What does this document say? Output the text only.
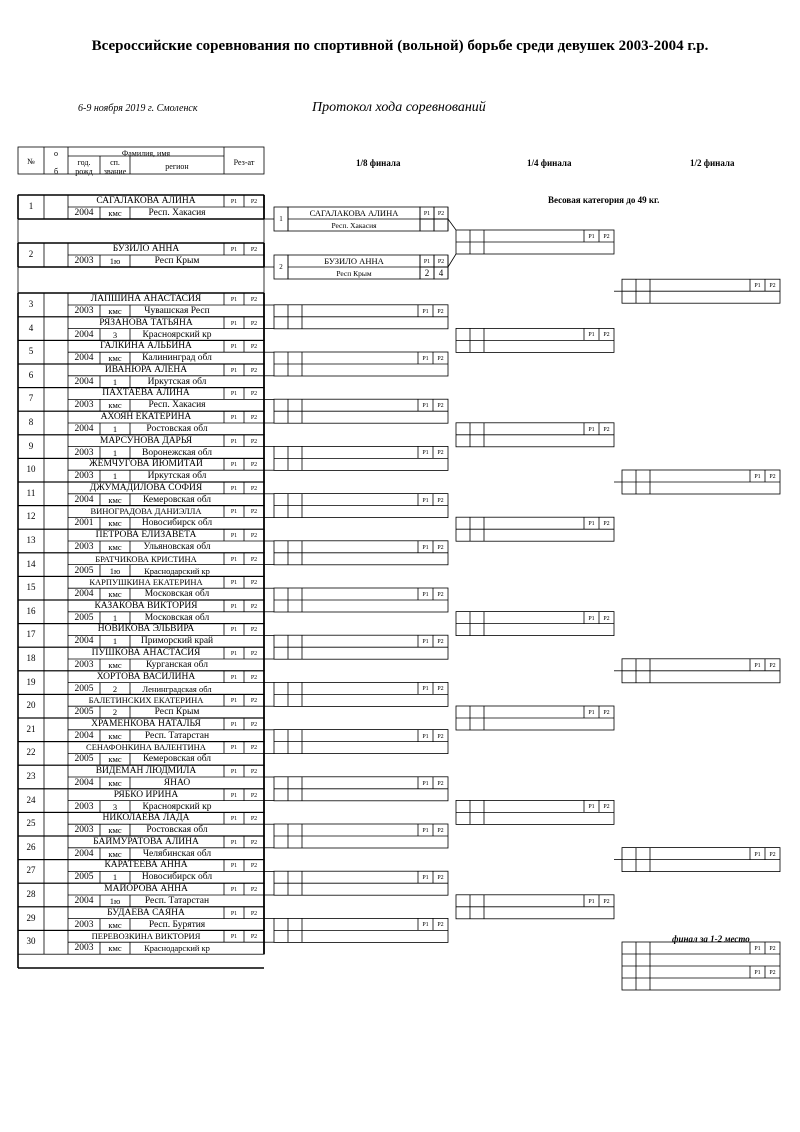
Всероссийские соревнования по спортивной (вольной) борьбе среди девушек 2003-2004 г.р.
6-9 ноября 2019 г. Смоленск	Протокол хода соревнований
№
о
б
Фамилия, имя
год. рожд
сп. звание
регион	Рез-ат	1/8 финала	1/4 финала	1/2 финала
Весовая категория до 49 кг.
финал за 1-2 место
1	САГАЛАКОВА АЛИНА
2004	кмс	Респ. Хакасия
Р1	Р2
2	БУЗИЛО АННА
2003	1ю	Респ Крым
Р1	Р2
3	ЛАПШИНА АНАСТАСИЯ
2003	кмс	Чувашская Респ
Р1	Р2
4	РЯЗАНОВА ТАТЬЯНА
2004	3	Красноярский кр
Р1	Р2
5	ГАЛКИНА АЛЬБИНА
2004	кмс	Калининград обл
Р1	Р2
6	ИВАНЮРА АЛЕНА
2004	1	Иркутская обл
Р1	Р2
7	ПАХТАЕВА АЛИНА
2003	кмс	Респ. Хакасия
Р1	Р2
8	АХОЯН ЕКАТЕРИНА
2004	1	Ростовская обл
Р1	Р2
9	МАРСУНОВА ДАРЬЯ
2003	1	Воронежская обл
Р1	Р2
10	ЖЕМЧУГОВА ЙЮМИТАЙ
2003	1	Иркутская обл
Р1	Р2
11	ДЖУМАДИЛОВА СОФИЯ
2004	кмс	Кемеровская обл
Р1	Р2
12	ВИНОГРАДОВА ДАНИЭЛЛА
2001	кмс	Новосибирск обл
Р1	Р2
13	ПЕТРОВА ЕЛИЗАВЕТА
2003	кмс	Ульяновская обл
Р1	Р2
14	БРАТЧИКОВА КРИСТИНА
2005	1ю	Краснодарский кр
Р1	Р2
15	КАРПУШКИНА ЕКАТЕРИНА
2004	кмс	Московская обл
Р1	Р2
16	КАЗАКОВА ВИКТОРИЯ
2005	1	Московская обл
Р1	Р2
17	НОВИКОВА ЭЛЬВИРА
2004	1	Приморский край
Р1	Р2
18	ПУШКОВА АНАСТАСИЯ
2003	кмс	Курганская обл
Р1	Р2
19	ХОРТОВА ВАСИЛИНА
2005	2	Ленинградская обл
Р1	Р2
20	БАЛЕТИНСКИХ ЕКАТЕРИНА
2005	2	Респ Крым
Р1	Р2
21	ХРАМЕНКОВА НАТАЛЬЯ
2004	кмс	Респ. Татарстан
Р1	Р2
22	СЕНАФОНКИНА ВАЛЕНТИНА
2005	кмс	Кемеровская обл
Р1	Р2
23	ВИДЕМАН ЛЮДМИЛА
2004	кмс	ЯНАО
Р1	Р2
24	РЯБКО ИРИНА
2003	3	Красноярский кр
Р1	Р2
25	НИКОЛАЕВА ЛАДА
2003	кмс	Ростовская обл
Р1	Р2
26	БАЙМУРАТОВА АЛИНА
2004	кмс	Челябинская обл
Р1	Р2
27	КАРАТЕЕВА АННА
2005	1	Новосибирск обл
Р1	Р2
28	МАЙОРОВА АННА
2004	1ю	Респ. Татарстан
Р1	Р2
29	БУДАЕВА САЯНА
2003	кмс	Респ. Бурятия
Р1	Р2
30	ПЕРЕВОЗКИНА ВИКТОРИЯ
2003	кмс	Краснодарский кр
Р1	Р2
1
САГАЛАКОВА АЛИНА
Респ. Хакасия
Р1	Р2
2
БУЗИЛО АННА
Респ Крым
Р1	Р2
2	4
Р1	Р2
Р1	Р2
Р1	Р2
Р1	Р2
Р1	Р2
Р1	Р2
Р1	Р2
Р1	Р2
Р1	Р2
Р1	Р2
Р1	Р2
Р1	Р2
Р1	Р2
Р1	Р2
Р1	Р2
Р1	Р2
Р1	Р2
Р1	Р2
Р1	Р2
Р1	Р2
Р1	Р2
Р1	Р2
Р1	Р2
Р1	Р2
Р1	Р2
Р1	Р2
Р1	Р2
Р1	Р2
